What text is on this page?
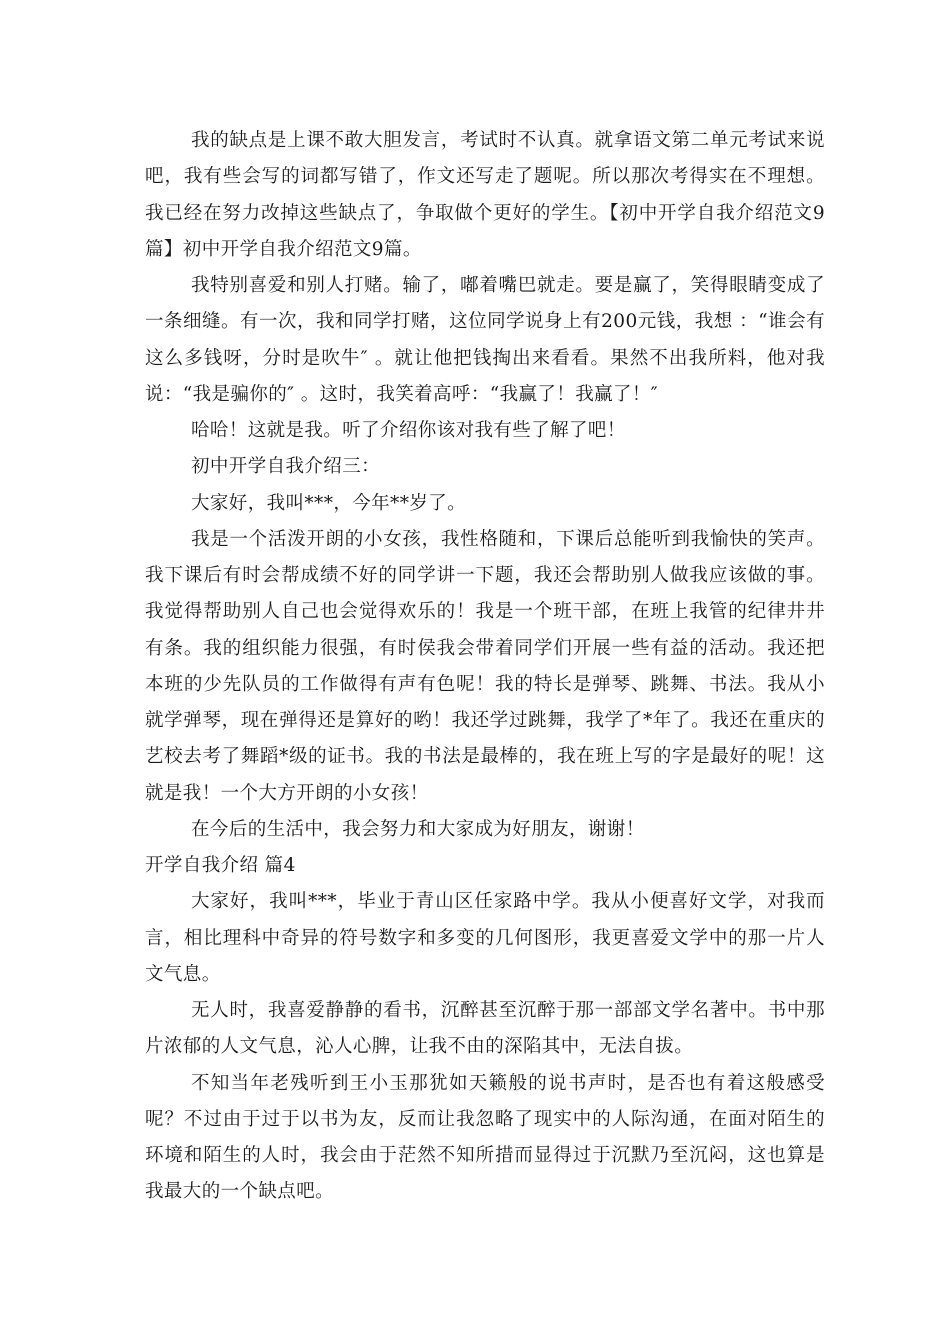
我的缺点是上课不敢大胆发言，考试时不认真。就拿语文第二单元考试来说吧，我有些会写的词都写错了，作文还写走了题呢。所以那次考得实在不理想。我已经在努力改掉这些缺点了，争取做个更好的学生。【初中开学自我介绍范文9篇】初中开学自我介绍范文9篇。

我特别喜爱和别人打赌。输了，嘟着嘴巴就走。要是赢了，笑得眼睛变成了一条细缝。有一次，我和同学打赌，这位同学说身上有200元钱，我想 ：“谁会有这么多钱呀，分时是吹牛″ 。就让他把钱掏出来看看。果然不出我所料，他对我说：“我是骗你的″ 。这时，我笑着高呼：“我赢了！我赢了！″

哈哈！这就是我。听了介绍你该对我有些了解了吧！

初中开学自我介绍三：

大家好，我叫***，今年**岁了。

我是一个活泼开朗的小女孩，我性格随和，下课后总能听到我愉快的笑声。我下课后有时会帮成绩不好的同学讲一下题，我还会帮助别人做我应该做的事。我觉得帮助别人自己也会觉得欢乐的！我是一个班干部，在班上我管的纪律井井有条。我的组织能力很强，有时侯我会带着同学们开展一些有益的活动。我还把本班的少先队员的工作做得有声有色呢！我的特长是弹琴、跳舞、书法。我从小就学弹琴，现在弹得还是算好的哟！我还学过跳舞，我学了*年了。我还在重庆的艺校去考了舞蹈*级的证书。我的书法是最棒的，我在班上写的字是最好的呢！这就是我！一个大方开朗的小女孩！

在今后的生活中，我会努力和大家成为好朋友，谢谢！

开学自我介绍 篇4

大家好，我叫***，毕业于青山区任家路中学。我从小便喜好文学，对我而言，相比理科中奇异的符号数字和多变的几何图形，我更喜爱文学中的那一片人文气息。

无人时，我喜爱静静的看书，沉醉甚至沉醉于那一部部文学名著中。书中那片浓郁的人文气息，沁人心脾，让我不由的深陷其中，无法自拔。

不知当年老残听到王小玉那犹如天籁般的说书声时，是否也有着这般感受呢？不过由于过于以书为友，反而让我忽略了现实中的人际沟通，在面对陌生的环境和陌生的人时，我会由于茫然不知所措而显得过于沉默乃至沉闷，这也算是我最大的一个缺点吧。
